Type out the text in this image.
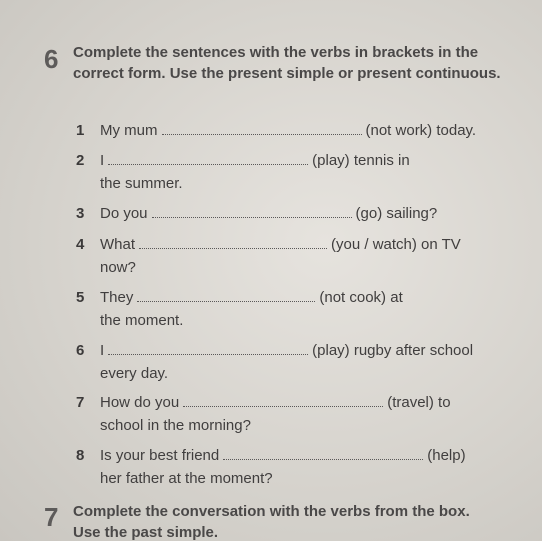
6 Complete the sentences with the verbs in brackets in the correct form. Use the present simple or present continuous.
1 My mum	(not work) today.
2 I	(play) tennis in
the summer.
3 Do you	(go) sailing?
4 What	(you / watch) on TV
now?
5 They	(not cook) at
the moment.
6 I	(play) rugby after school
every day.
7 How do you	(travel) to
school in the morning?
8 Is your best friend	(help)
her father at the moment?
7 Complete the conversation with the verbs from the box. Use the past simple.
